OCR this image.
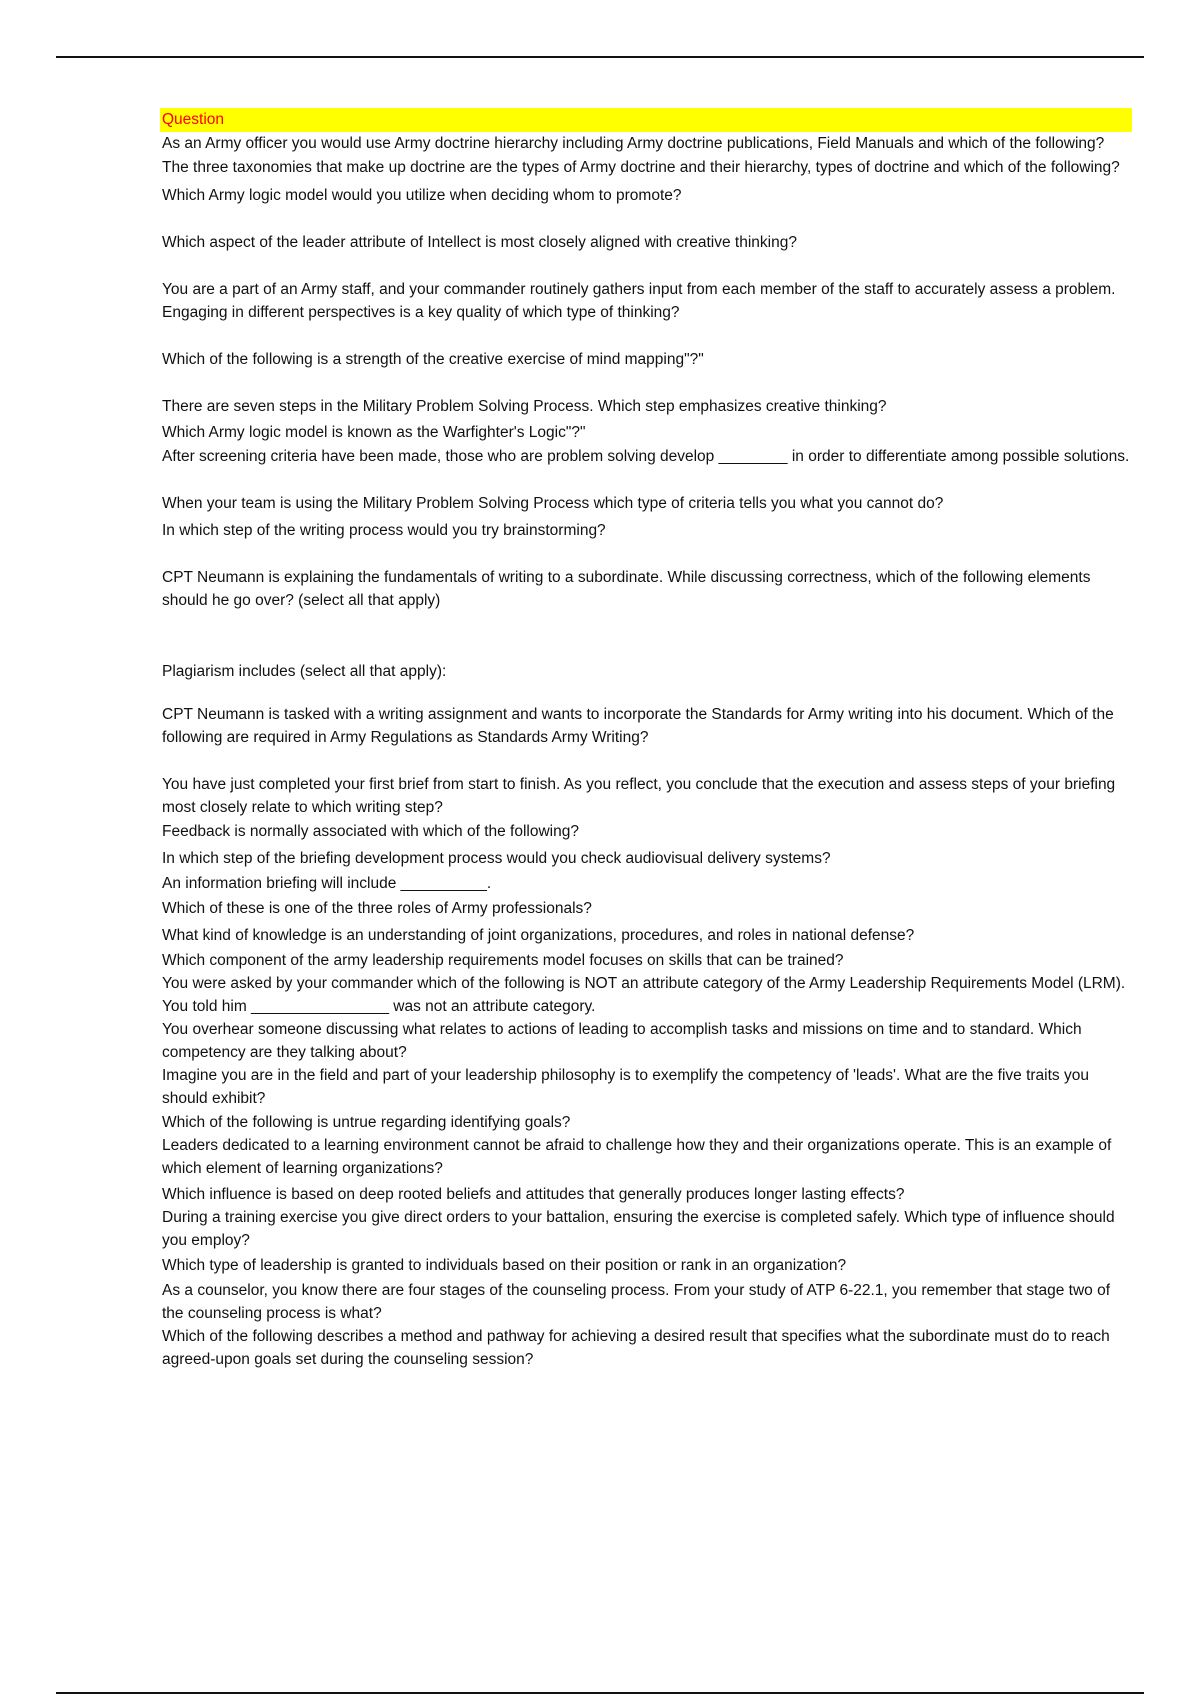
Question
As an Army officer you would use Army doctrine hierarchy including Army doctrine publications, Field Manuals and which of the following?
The three taxonomies that make up doctrine are the types of Army doctrine and their hierarchy, types of doctrine and which of the following?
Which Army logic model would you utilize when deciding whom to promote?
Which aspect of the leader attribute of Intellect is most closely aligned with creative thinking?
You are a part of an Army staff, and your commander routinely gathers input from each member of the staff to accurately assess a problem. Engaging in different perspectives is a key quality of which type of thinking?
Which of the following is a strength of the creative exercise of mind mapping"?"
There are seven steps in the Military Problem Solving Process. Which step emphasizes creative thinking?
Which Army logic model is known as the Warfighter's Logic"?"
After screening criteria have been made, those who are problem solving develop ________ in order to differentiate among possible solutions.
When your team is using the Military Problem Solving Process which type of criteria tells you what you cannot do?
In which step of the writing process would you try brainstorming?
CPT Neumann is explaining the fundamentals of writing to a subordinate. While discussing correctness, which of the following elements should he go over? (select all that apply)
Plagiarism includes (select all that apply):
CPT Neumann is tasked with a writing assignment and wants to incorporate the Standards for Army writing into his document. Which of the following are required in Army Regulations as Standards Army Writing?
You have just completed your first brief from start to finish. As you reflect, you conclude that the execution and assess steps of your briefing most closely relate to which writing step?
Feedback is normally associated with which of the following?
In which step of the briefing development process would you check audiovisual delivery systems?
An information briefing will include __________.
Which of these is one of the three roles of Army professionals?
What kind of knowledge is an understanding of joint organizations, procedures, and roles in national defense?
Which component of the army leadership requirements model focuses on skills that can be trained?
You were asked by your commander which of the following is NOT an attribute category of the Army Leadership Requirements Model (LRM). You told him ________________ was not an attribute category.
You overhear someone discussing what relates to actions of leading to accomplish tasks and missions on time and to standard. Which competency are they talking about?
Imagine you are in the field and part of your leadership philosophy is to exemplify the competency of 'leads'. What are the five traits you should exhibit?
Which of the following is untrue regarding identifying goals?
Leaders dedicated to a learning environment cannot be afraid to challenge how they and their organizations operate. This is an example of which element of learning organizations?
Which influence is based on deep rooted beliefs and attitudes that generally produces longer lasting effects?
During a training exercise you give direct orders to your battalion, ensuring the exercise is completed safely. Which type of influence should you employ?
Which type of leadership is granted to individuals based on their position or rank in an organization?
As a counselor, you know there are four stages of the counseling process. From your study of ATP 6-22.1, you remember that stage two of the counseling process is what?
Which of the following describes a method and pathway for achieving a desired result that specifies what the subordinate must do to reach agreed-upon goals set during the counseling session?
